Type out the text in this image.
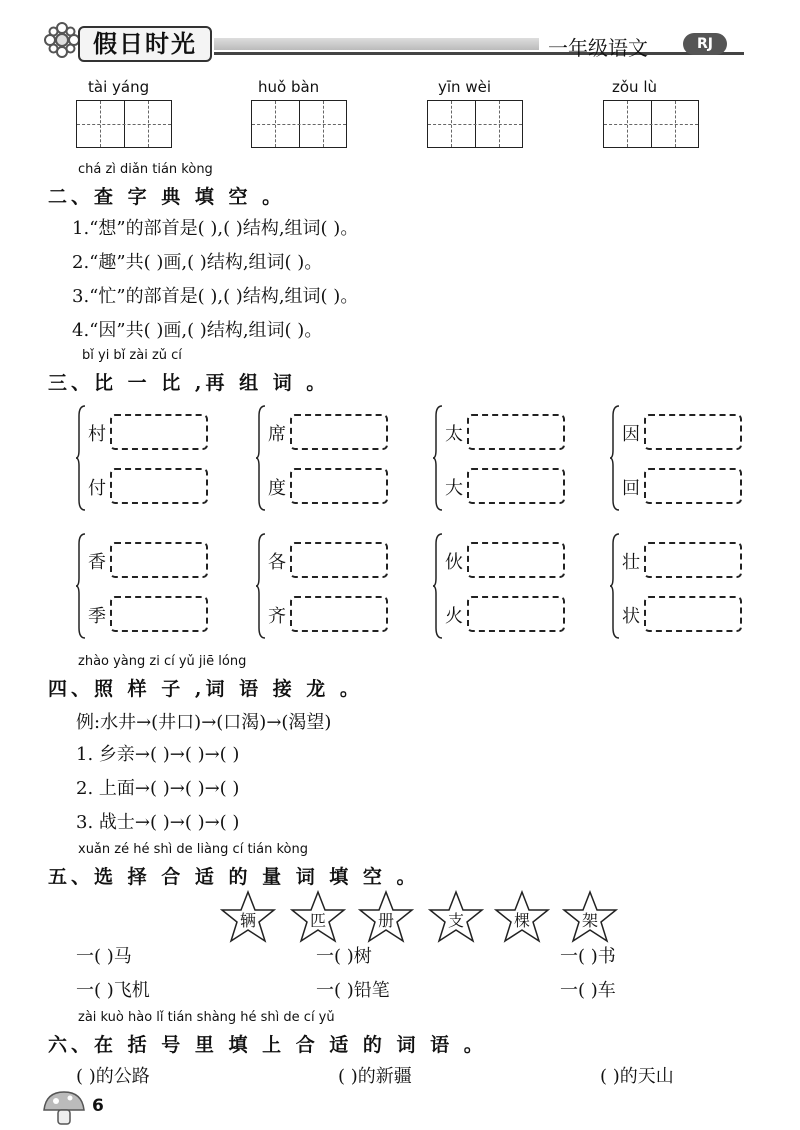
假日时光	一年级语文	RJ
tài yáng	huǒ bàn	yīn wèi	zǒu lù
chá zì diǎn tián kòng
二、查 字 典 填 空 。
1.“想”的部首是( ),( )结构,组词( )。
2.“趣”共( )画,( )结构,组词( )。
3.“忙”的部首是( ),( )结构,组词( )。
4.“因”共( )画,( )结构,组词( )。
bǐ yi bǐ zài zǔ cí
三、比 一 比 ,再 组 词 。
村
付
席
度
太
大
因
回
香
季
各
齐
伙
火
壮
状
zhào yàng zi cí yǔ jiē lóng
四、照 样 子 ,词 语 接 龙 。
例:水井→(井口)→(口渴)→(渴望)
1. 乡亲→( )→( )→( )
2. 上面→( )→( )→( )
3. 战士→( )→( )→( )
xuǎn zé hé shì de liàng cí tián kòng
五、选 择 合 适 的 量 词 填 空 。
辆	匹	册	支	棵	架
一( )马	一( )树	一( )书
一( )飞机	一( )铅笔	一( )车
zài kuò hào lǐ tián shàng hé shì de cí yǔ
六、在 括 号 里 填 上 合 适 的 词 语 。
( )的公路	( )的新疆	( )的天山
6
